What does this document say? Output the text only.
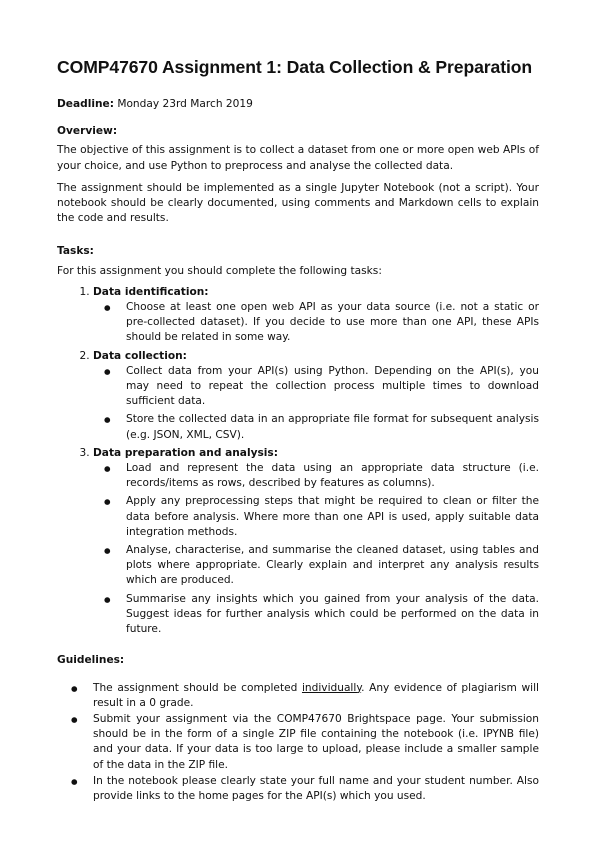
COMP47670 Assignment 1: Data Collection & Preparation

Deadline: Monday 23rd March 2019

Overview:

The objective of this assignment is to collect a dataset from one or more open web APIs of your choice, and use Python to preprocess and analyse the collected data.

The assignment should be implemented as a single Jupyter Notebook (not a script). Your notebook should be clearly documented, using comments and Markdown cells to explain the code and results.

Tasks:

For this assignment you should complete the following tasks:

1. Data identification:
● Choose at least one open web API as your data source (i.e. not a static or pre-collected dataset). If you decide to use more than one API, these APIs should be related in some way.
2. Data collection:
● Collect data from your API(s) using Python. Depending on the API(s), you may need to repeat the collection process multiple times to download sufficient data.
● Store the collected data in an appropriate file format for subsequent analysis (e.g. JSON, XML, CSV).
3. Data preparation and analysis:
● Load and represent the data using an appropriate data structure (i.e. records/items as rows, described by features as columns).
● Apply any preprocessing steps that might be required to clean or filter the data before analysis. Where more than one API is used, apply suitable data integration methods.
● Analyse, characterise, and summarise the cleaned dataset, using tables and plots where appropriate. Clearly explain and interpret any analysis results which are produced.
● Summarise any insights which you gained from your analysis of the data. Suggest ideas for further analysis which could be performed on the data in future.
Guidelines:
● The assignment should be completed individually. Any evidence of plagiarism will result in a 0 grade.
● Submit your assignment via the COMP47670 Brightspace page. Your submission should be in the form of a single ZIP file containing the notebook (i.e. IPYNB file) and your data. If your data is too large to upload, please include a smaller sample of the data in the ZIP file.
● In the notebook please clearly state your full name and your student number. Also provide links to the home pages for the API(s) which you used.
